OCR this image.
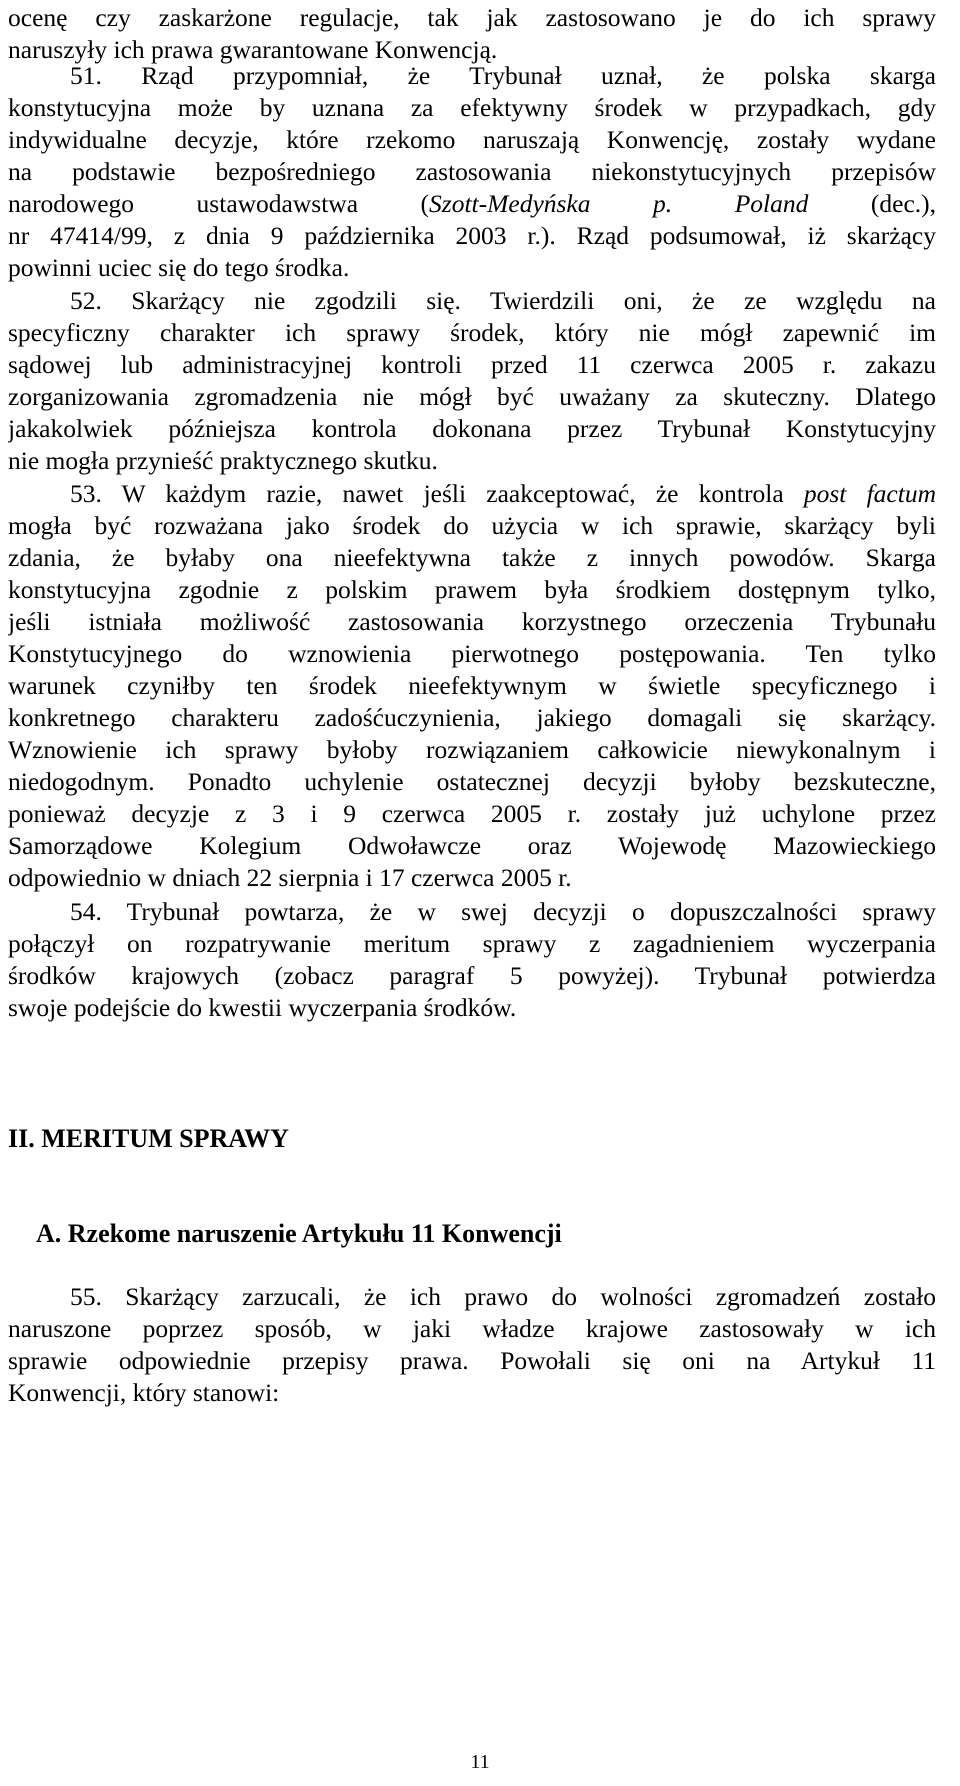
ocenę czy zaskarżone regulacje, tak jak zastosowano je do ich sprawy
naruszyły ich prawa gwarantowane Konwencją.
51. Rząd przypomniał, że Trybunał uznał, że polska skarga
konstytucyjna może by uznana za efektywny środek w przypadkach, gdy
indywidualne decyzje, które rzekomo naruszają Konwencję, zostały wydane
na podstawie bezpośredniego zastosowania niekonstytucyjnych przepisów
narodowego ustawodawstwa (Szott-Medyńska p. Poland (dec.),
nr 47414/99, z dnia 9 października 2003 r.). Rząd podsumował, iż skarżący
powinni uciec się do tego środka.
52. Skarżący nie zgodzili się. Twierdzili oni, że ze względu na
specyficzny charakter ich sprawy środek, który nie mógł zapewnić im
sądowej lub administracyjnej kontroli przed 11 czerwca 2005 r. zakazu
zorganizowania zgromadzenia nie mógł być uważany za skuteczny. Dlatego
jakakolwiek późniejsza kontrola dokonana przez Trybunał Konstytucyjny
nie mogła przynieść praktycznego skutku.
53. W każdym razie, nawet jeśli zaakceptować, że kontrola post factum
mogła być rozważana jako środek do użycia w ich sprawie, skarżący byli
zdania, że byłaby ona nieefektywna także z innych powodów. Skarga
konstytucyjna zgodnie z polskim prawem była środkiem dostępnym tylko,
jeśli istniała możliwość zastosowania korzystnego orzeczenia Trybunału
Konstytucyjnego do wznowienia pierwotnego postępowania. Ten tylko
warunek czyniłby ten środek nieefektywnym w świetle specyficznego i
konkretnego charakteru zadośćuczynienia, jakiego domagali się skarżący.
Wznowienie ich sprawy byłoby rozwiązaniem całkowicie niewykonalnym i
niedogodnym. Ponadto uchylenie ostatecznej decyzji byłoby bezskuteczne,
ponieważ decyzje z 3 i 9 czerwca 2005 r. zostały już uchylone przez
Samorządowe Kolegium Odwoławcze oraz Wojewodę Mazowieckiego
odpowiednio w dniach 22 sierpnia i 17 czerwca 2005 r.
54. Trybunał powtarza, że w swej decyzji o dopuszczalności sprawy
połączył on rozpatrywanie meritum sprawy z zagadnieniem wyczerpania
środków krajowych (zobacz paragraf 5 powyżej). Trybunał potwierdza
swoje podejście do kwestii wyczerpania środków.
II. MERITUM SPRAWY
A. Rzekome naruszenie Artykułu 11 Konwencji
55. Skarżący zarzucali, że ich prawo do wolności zgromadzeń zostało
naruszone poprzez sposób, w jaki władze krajowe zastosowały w ich
sprawie odpowiednie przepisy prawa. Powołali się oni na Artykuł 11
Konwencji, który stanowi:
11
